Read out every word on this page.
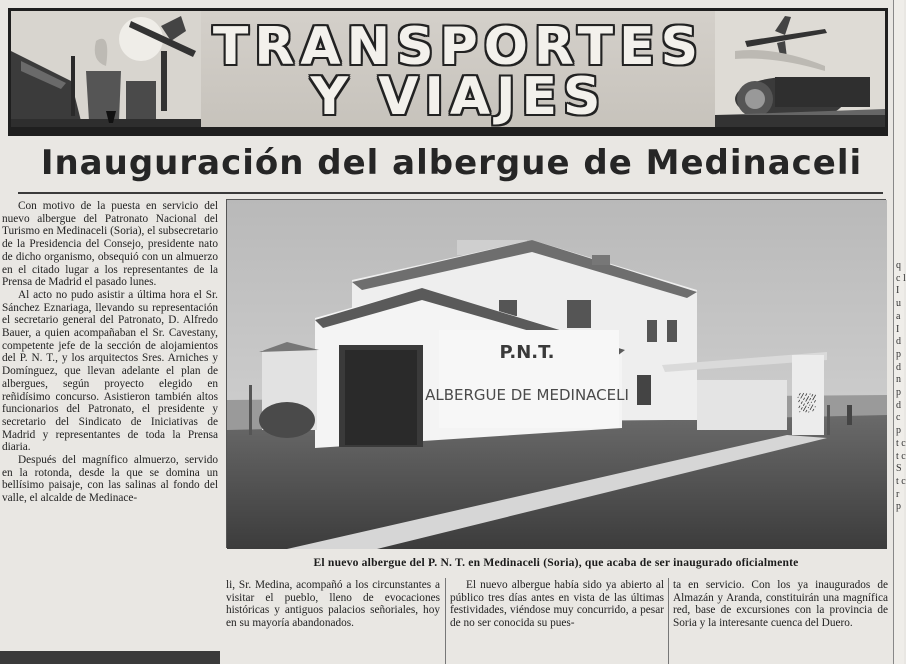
TRANSPORTES
Y VIAJES
Inauguración del albergue de Medinaceli

Con motivo de la puesta en servicio del nuevo albergue del Patronato Nacional del Turismo en Medinaceli (Soria), el subsecretario de la Presidencia del Consejo, presidente nato de dicho organismo, obsequió con un almuerzo en el citado lugar a los representantes de la Prensa de Madrid el pasado lunes.

Al acto no pudo asistir a última hora el Sr. Sánchez Eznariaga, llevando su representación el secretario general del Patronato, D. Alfredo Bauer, a quien acompañaban el Sr. Cavestany, competente jefe de la sección de alojamientos del P. N. T., y los arquitectos Sres. Arniches y Domínguez, que llevan adelante el plan de albergues, según proyecto elegido en reñidísimo concurso. Asistieron también altos funcionarios del Patronato, el presidente y secretario del Sindicato de Iniciativas de Madrid y representantes de toda la Prensa diaria.

Después del magnífico almuerzo, servido en la rotonda, desde la que se domina un bellísimo paisaje, con las salinas al fondo del valle, el alcalde de Medinace-

P.N.T.
ALBERGUE DE MEDINACELI	⛆
El nuevo albergue del P. N. T. en Medinaceli (Soria), que acaba de ser inaugurado oficialmente

li, Sr. Medina, acompañó a los circunstantes a visitar el pueblo, lleno de evocaciones históricas y antiguos palacios señoriales, hoy en su mayoría abandonados.

El nuevo albergue había sido ya abierto al público tres días antes en vista de las últimas festividades, viéndose muy concurrido, a pesar de no ser conocida su pues-

ta en servicio. Con los ya inaugurados de Almazán y Aranda, constituirán una magnífica red, base de excursiones con la provincia de Soria y la interesante cuenca del Duero.

q c l I u a I d p d n p d c p t c t c S t c r p
